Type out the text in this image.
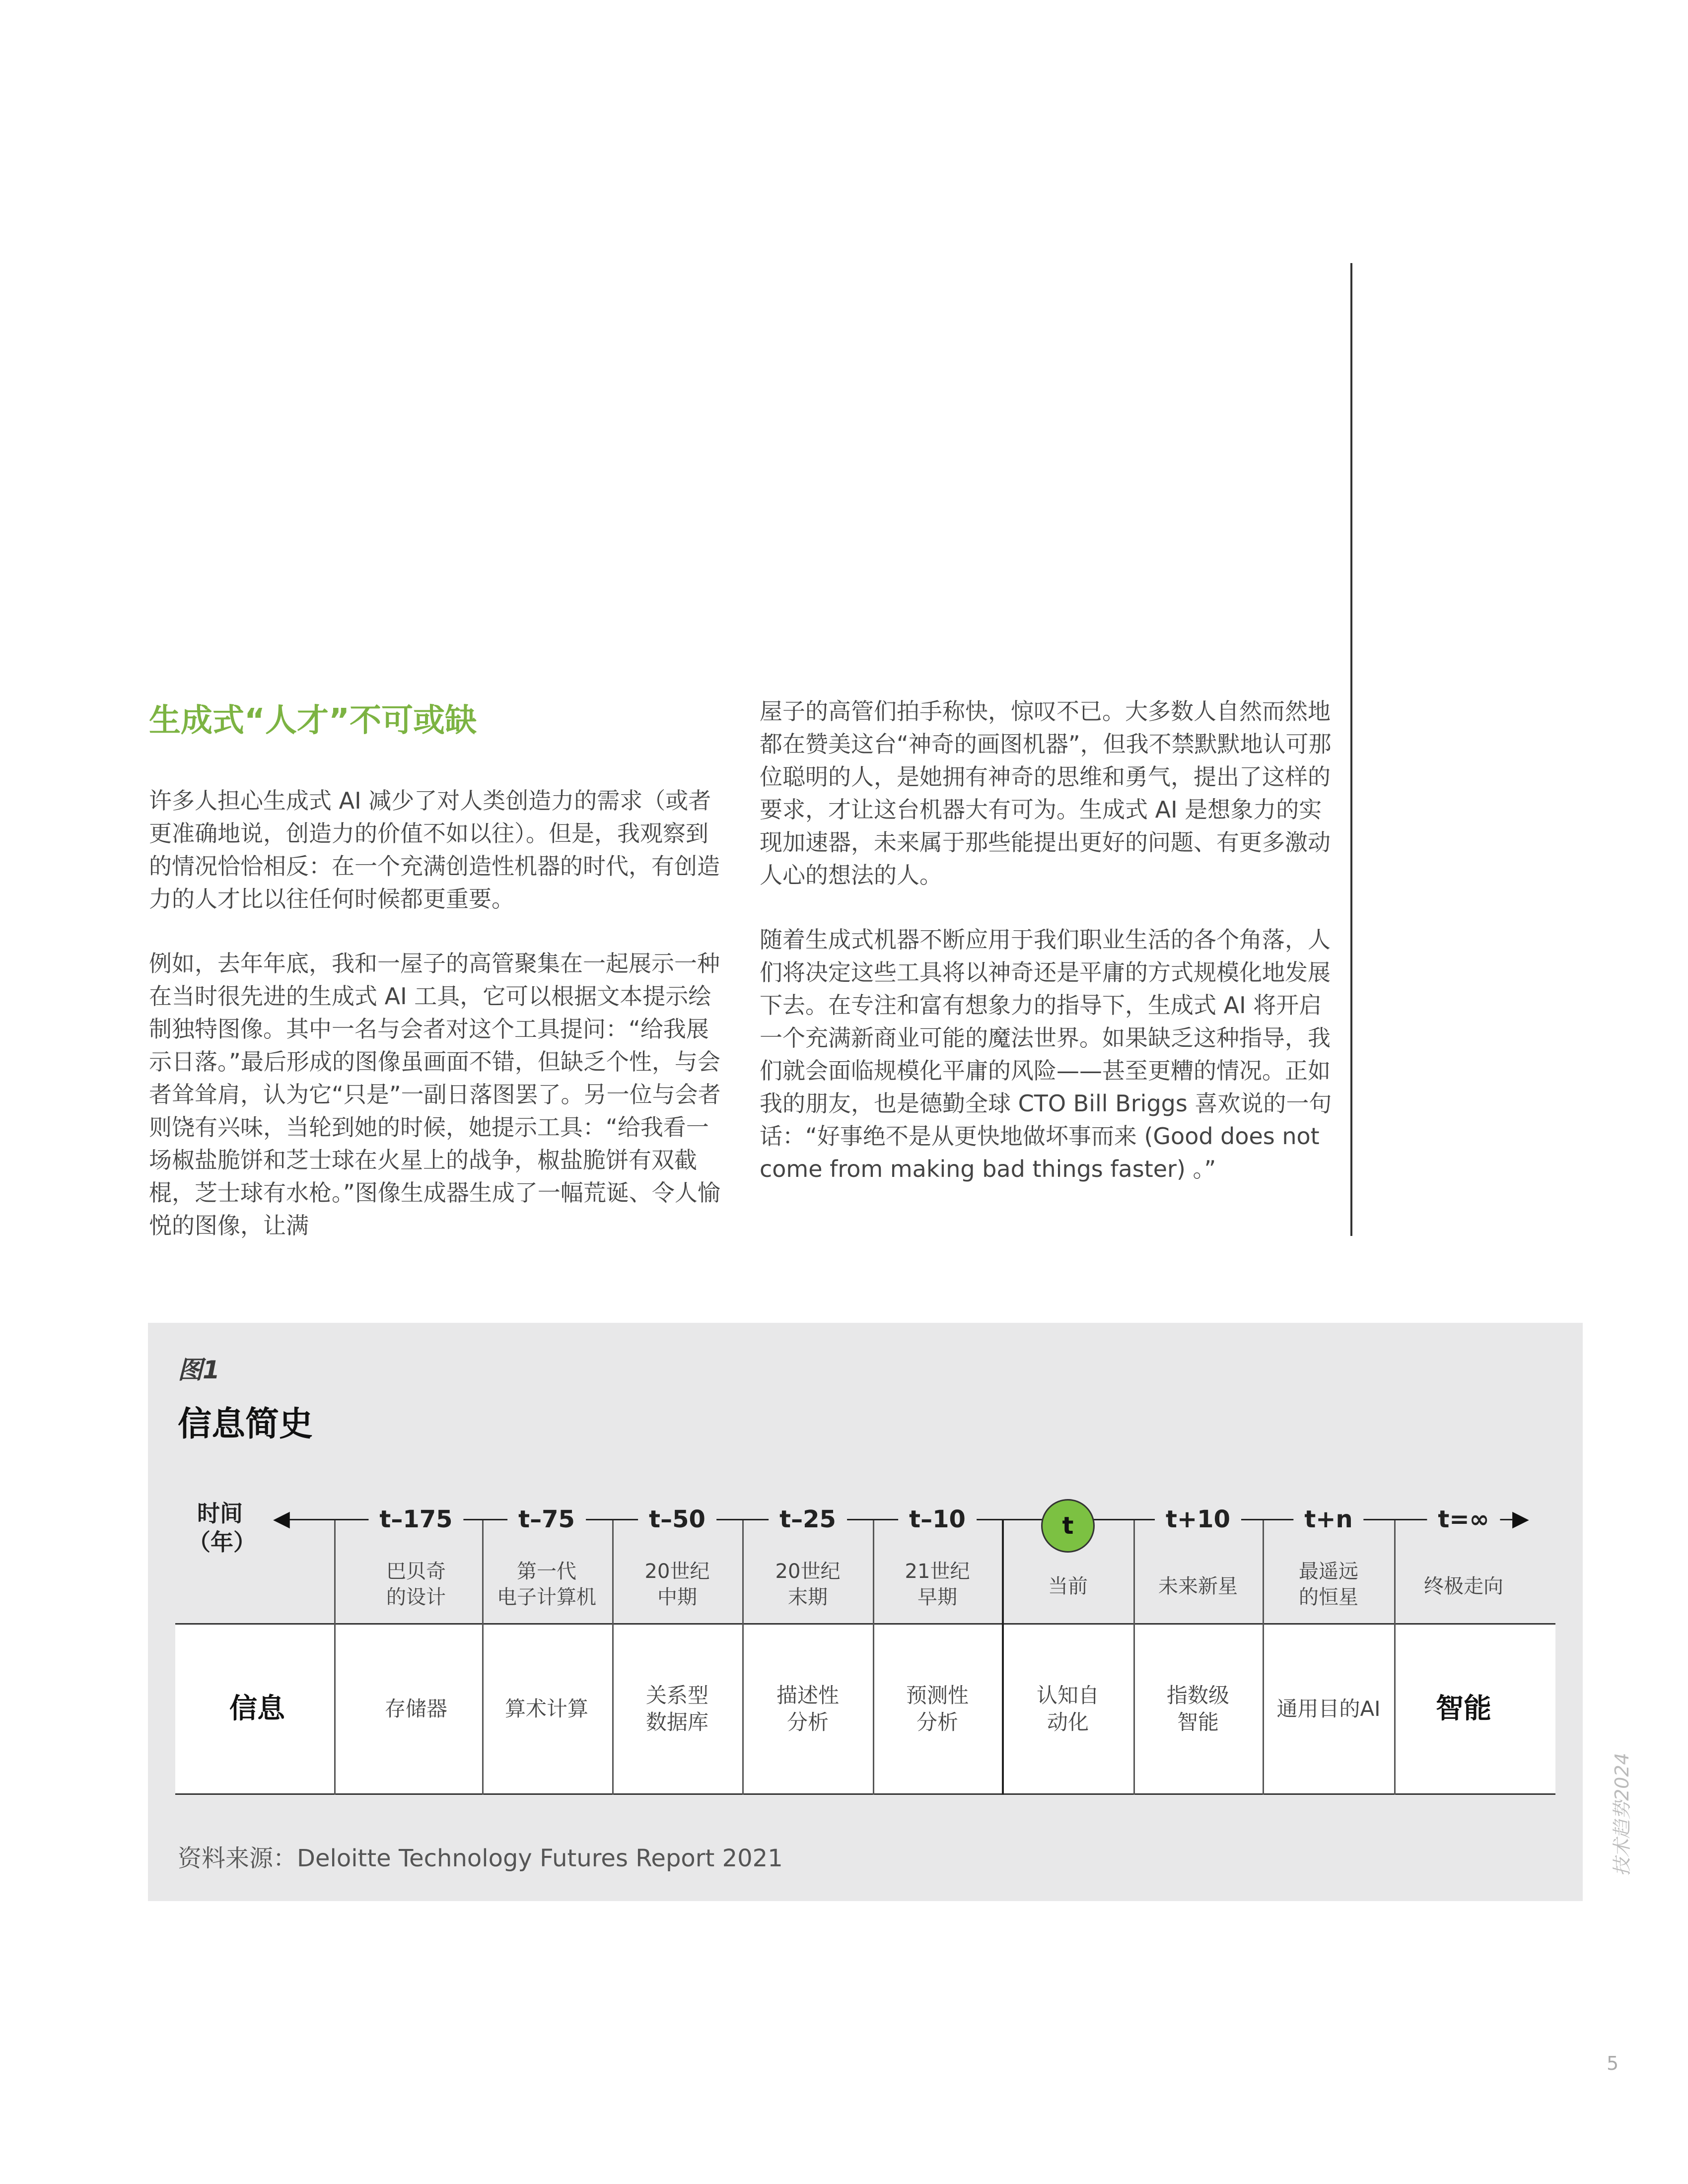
生成式“人才”不可或缺

许多人担心生成式 AI 减少了对人类创造力的需求（或者更准确地说，创造力的价值不如以往）。但是，我观察到的情况恰恰相反：在一个充满创造性机器的时代，有创造力的人才比以往任何时候都更重要。

例如，去年年底，我和一屋子的高管聚集在一起展示一种在当时很先进的生成式 AI 工具，它可以根据文本提示绘制独特图像。其中一名与会者对这个工具提问：“给我展示日落。”最后形成的图像虽画面不错，但缺乏个性，与会者耸耸肩，认为它“只是”一副日落图罢了。另一位与会者则饶有兴味，当轮到她的时候，她提示工具：“给我看一场椒盐脆饼和芝士球在火星上的战争，椒盐脆饼有双截棍，芝士球有水枪。”图像生成器生成了一幅荒诞、令人愉悦的图像，让满

屋子的高管们拍手称快，惊叹不已。大多数人自然而然地都在赞美这台“神奇的画图机器”，但我不禁默默地认可那位聪明的人，是她拥有神奇的思维和勇气，提出了这样的要求，才让这台机器大有可为。生成式 AI 是想象力的实现加速器，未来属于那些能提出更好的问题、有更多激动人心的想法的人。

随着生成式机器不断应用于我们职业生活的各个角落，人们将决定这些工具将以神奇还是平庸的方式规模化地发展下去。在专注和富有想象力的指导下，生成式 AI 将开启一个充满新商业可能的魔法世界。如果缺乏这种指导，我们就会面临规模化平庸的风险——甚至更糟的情况。正如我的朋友，也是德勤全球 CTO Bill Briggs 喜欢说的一句话：“好事绝不是从更快地做坏事而来 (Good does not come from making bad things faster) 。”

图1
信息简史
时间
（年）
◀	▶
信息
t–175
巴贝奇
的设计
存储器
t–75
第一代
电子计算机
算术计算
t–50
20世纪
中期
关系型
数据库
t–25
20世纪
末期
描述性
分析
t–10
21世纪
早期
预测性
分析
t
当前
认知自
动化
t+10
未来新星
指数级
智能
t+n
最遥远
的恒星
通用目的AI
t=∞
终极走向
智能
资料来源：Deloitte Technology Futures Report 2021	技术趋势2024
5
